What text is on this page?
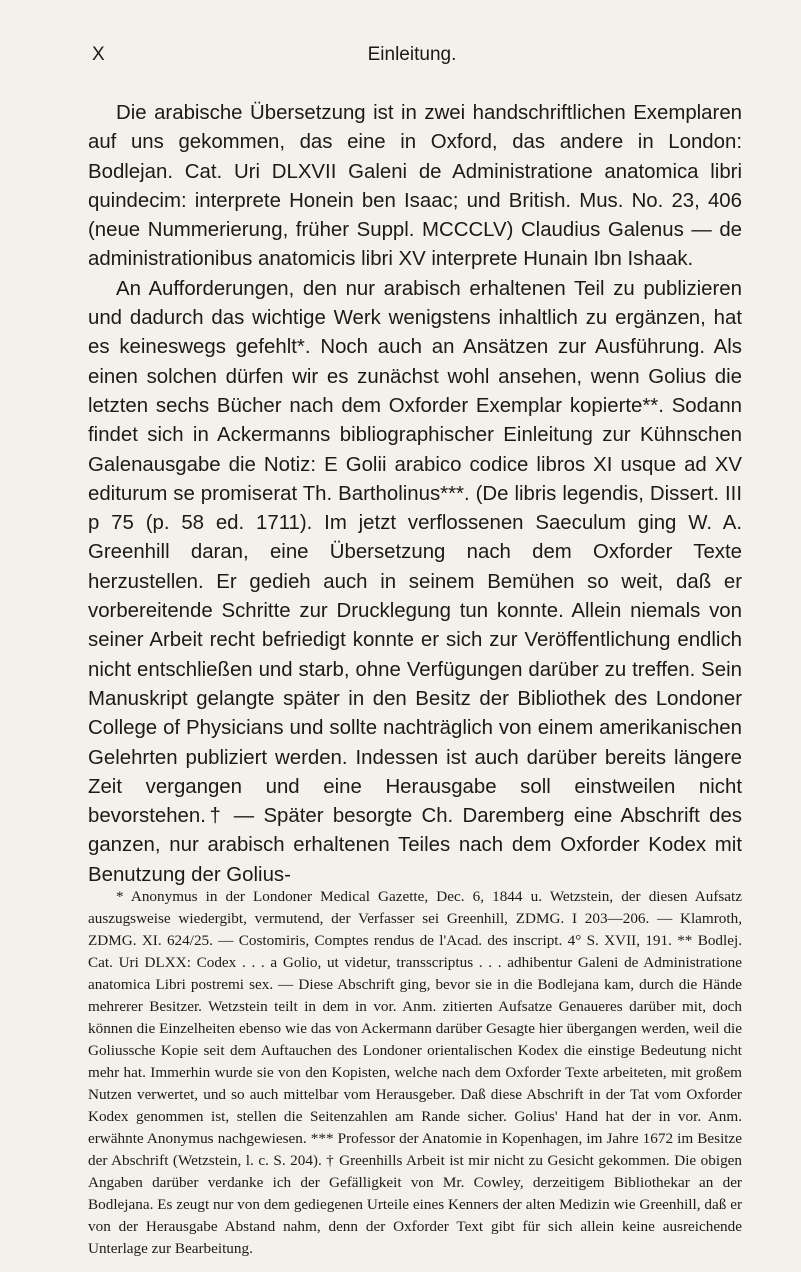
X	Einleitung.

Die arabische Übersetzung ist in zwei handschriftlichen Exemplaren auf uns gekommen, das eine in Oxford, das andere in London: Bodlejan. Cat. Uri DLXVII Galeni de Administratione anatomica libri quindecim: interprete Honein ben Isaac; und British. Mus. No. 23, 406 (neue Nummerierung, früher Suppl. MCCCLV) Claudius Galenus — de administrationibus anatomicis libri XV interprete Hunain Ibn Ishaak.

An Aufforderungen, den nur arabisch erhaltenen Teil zu publizieren und dadurch das wichtige Werk wenigstens inhaltlich zu ergänzen, hat es keineswegs gefehlt*. Noch auch an Ansätzen zur Ausführung. Als einen solchen dürfen wir es zunächst wohl ansehen, wenn Golius die letzten sechs Bücher nach dem Oxforder Exemplar kopierte**. Sodann findet sich in Ackermanns bibliographischer Einleitung zur Kühnschen Galenausgabe die Notiz: E Golii arabico codice libros XI usque ad XV editurum se promiserat Th. Bartholinus***. (De libris legendis, Dissert. III p 75 (p. 58 ed. 1711). Im jetzt verflossenen Saeculum ging W. A. Greenhill daran, eine Übersetzung nach dem Oxforder Texte herzustellen. Er gedieh auch in seinem Bemühen so weit, daß er vorbereitende Schritte zur Drucklegung tun konnte. Allein niemals von seiner Arbeit recht befriedigt konnte er sich zur Veröffentlichung endlich nicht entschließen und starb, ohne Verfügungen darüber zu treffen. Sein Manuskript gelangte später in den Besitz der Bibliothek des Londoner College of Physicians und sollte nachträglich von einem amerikanischen Gelehrten publiziert werden. Indessen ist auch darüber bereits längere Zeit vergangen und eine Herausgabe soll einstweilen nicht bevorstehen.† — Später besorgte Ch. Daremberg eine Abschrift des ganzen, nur arabisch erhaltenen Teiles nach dem Oxforder Kodex mit Benutzung der Golius-

* Anonymus in der Londoner Medical Gazette, Dec. 6, 1844 u. Wetzstein, der diesen Aufsatz auszugsweise wiedergibt, vermutend, der Verfasser sei Greenhill, ZDMG. I 203—206. — Klamroth, ZDMG. XI. 624/25. — Costomiris, Comptes rendus de l'Acad. des inscript. 4° S. XVII, 191. ** Bodlej. Cat. Uri DLXX: Codex . . . a Golio, ut videtur, transscriptus . . . adhibentur Galeni de Administratione anatomica Libri postremi sex. — Diese Abschrift ging, bevor sie in die Bodlejana kam, durch die Hände mehrerer Besitzer. Wetzstein teilt in dem in vor. Anm. zitierten Aufsatze Genaueres darüber mit, doch können die Einzelheiten ebenso wie das von Ackermann darüber Gesagte hier übergangen werden, weil die Goliussche Kopie seit dem Auftauchen des Londoner orientalischen Kodex die einstige Bedeutung nicht mehr hat. Immerhin wurde sie von den Kopisten, welche nach dem Oxforder Texte arbeiteten, mit großem Nutzen verwertet, und so auch mittelbar vom Herausgeber. Daß diese Abschrift in der Tat vom Oxforder Kodex genommen ist, stellen die Seitenzahlen am Rande sicher. Golius' Hand hat der in vor. Anm. erwähnte Anonymus nachgewiesen. *** Professor der Anatomie in Kopenhagen, im Jahre 1672 im Besitze der Abschrift (Wetzstein, l. c. S. 204). † Greenhills Arbeit ist mir nicht zu Gesicht gekommen. Die obigen Angaben darüber verdanke ich der Gefälligkeit von Mr. Cowley, derzeitigem Bibliothekar an der Bodlejana. Es zeugt nur von dem gediegenen Urteile eines Kenners der alten Medizin wie Greenhill, daß er von der Herausgabe Abstand nahm, denn der Oxforder Text gibt für sich allein keine ausreichende Unterlage zur Bearbeitung.
